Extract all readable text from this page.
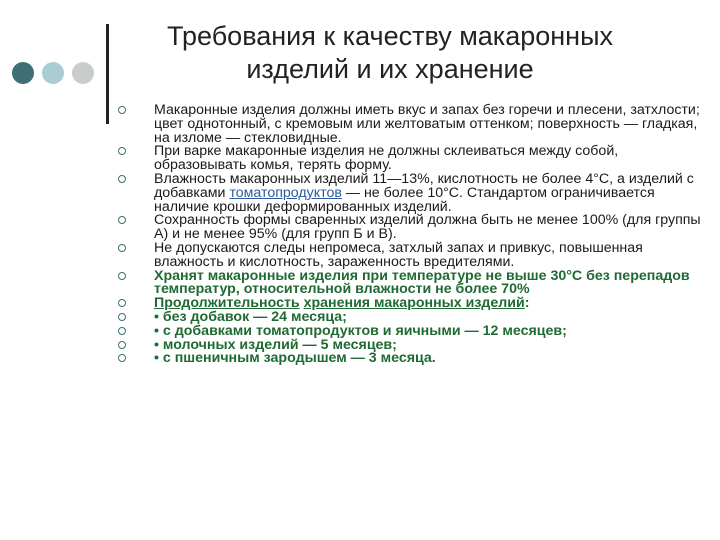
Требования к качеству макаронных
изделий и их хранение
Макаронные изделия должны иметь вкус и запах без горечи и плесени, затхлости; цвет однотонный, с кремовым или желтоватым оттенком; поверхность — гладкая, на изломе — стекловидные.
При варке макаронные изделия не должны склеиваться между собой, образовывать комья, терять форму.
Влажность макаронных изделий 11—13%, кислотность не более 4°С, а изделий с добавками томатопродуктов — не более 10°С. Стандартом ограничивается наличие крошки деформированных изделий.
Сохранность формы сваренных изделий должна быть не менее 100% (для группы А) и не менее 95% (для групп Б и В).
Не допускаются следы непромеса, затхлый запах и привкус, повышенная влажность и кислотность, зараженность вредителями.
Хранят макаронные изделия при температуре не выше 30°С без перепадов температур, относительной влажности не более 70%
Продолжительность хранения макаронных изделий:
• без добавок — 24 месяца;
• с добавками томатопродуктов и яичными — 12 месяцев;
• молочных изделий — 5 месяцев;
• с пшеничным зародышем — 3 месяца.
